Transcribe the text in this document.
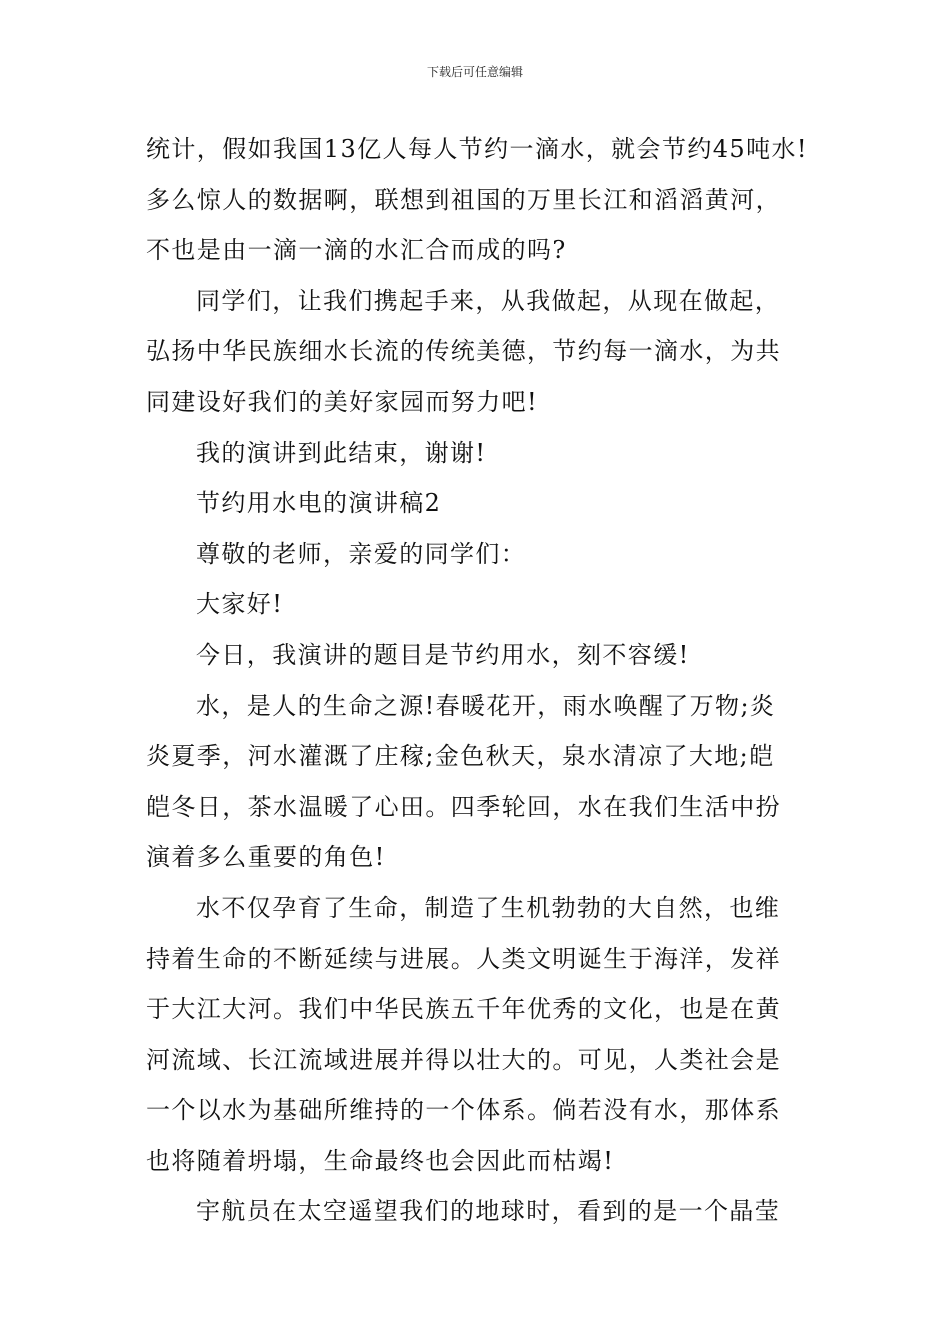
下载后可任意编辑
统计，假如我国13亿人每人节约一滴水，就会节约45吨水!
多么惊人的数据啊，联想到祖国的万里长江和滔滔黄河，
不也是由一滴一滴的水汇合而成的吗?
同学们，让我们携起手来，从我做起，从现在做起，
弘扬中华民族细水长流的传统美德，节约每一滴水，为共
同建设好我们的美好家园而努力吧!
我的演讲到此结束，谢谢!
节约用水电的演讲稿2
尊敬的老师，亲爱的同学们：
大家好!
今日，我演讲的题目是节约用水，刻不容缓!
水，是人的生命之源!春暖花开，雨水唤醒了万物;炎
炎夏季，河水灌溉了庄稼;金色秋天，泉水清凉了大地;皑
皑冬日，茶水温暖了心田。四季轮回，水在我们生活中扮
演着多么重要的角色!
水不仅孕育了生命，制造了生机勃勃的大自然，也维
持着生命的不断延续与进展。人类文明诞生于海洋，发祥
于大江大河。我们中华民族五千年优秀的文化，也是在黄
河流域、长江流域进展并得以壮大的。可见，人类社会是
一个以水为基础所维持的一个体系。倘若没有水，那体系
也将随着坍塌，生命最终也会因此而枯竭!
宇航员在太空遥望我们的地球时，看到的是一个晶莹
